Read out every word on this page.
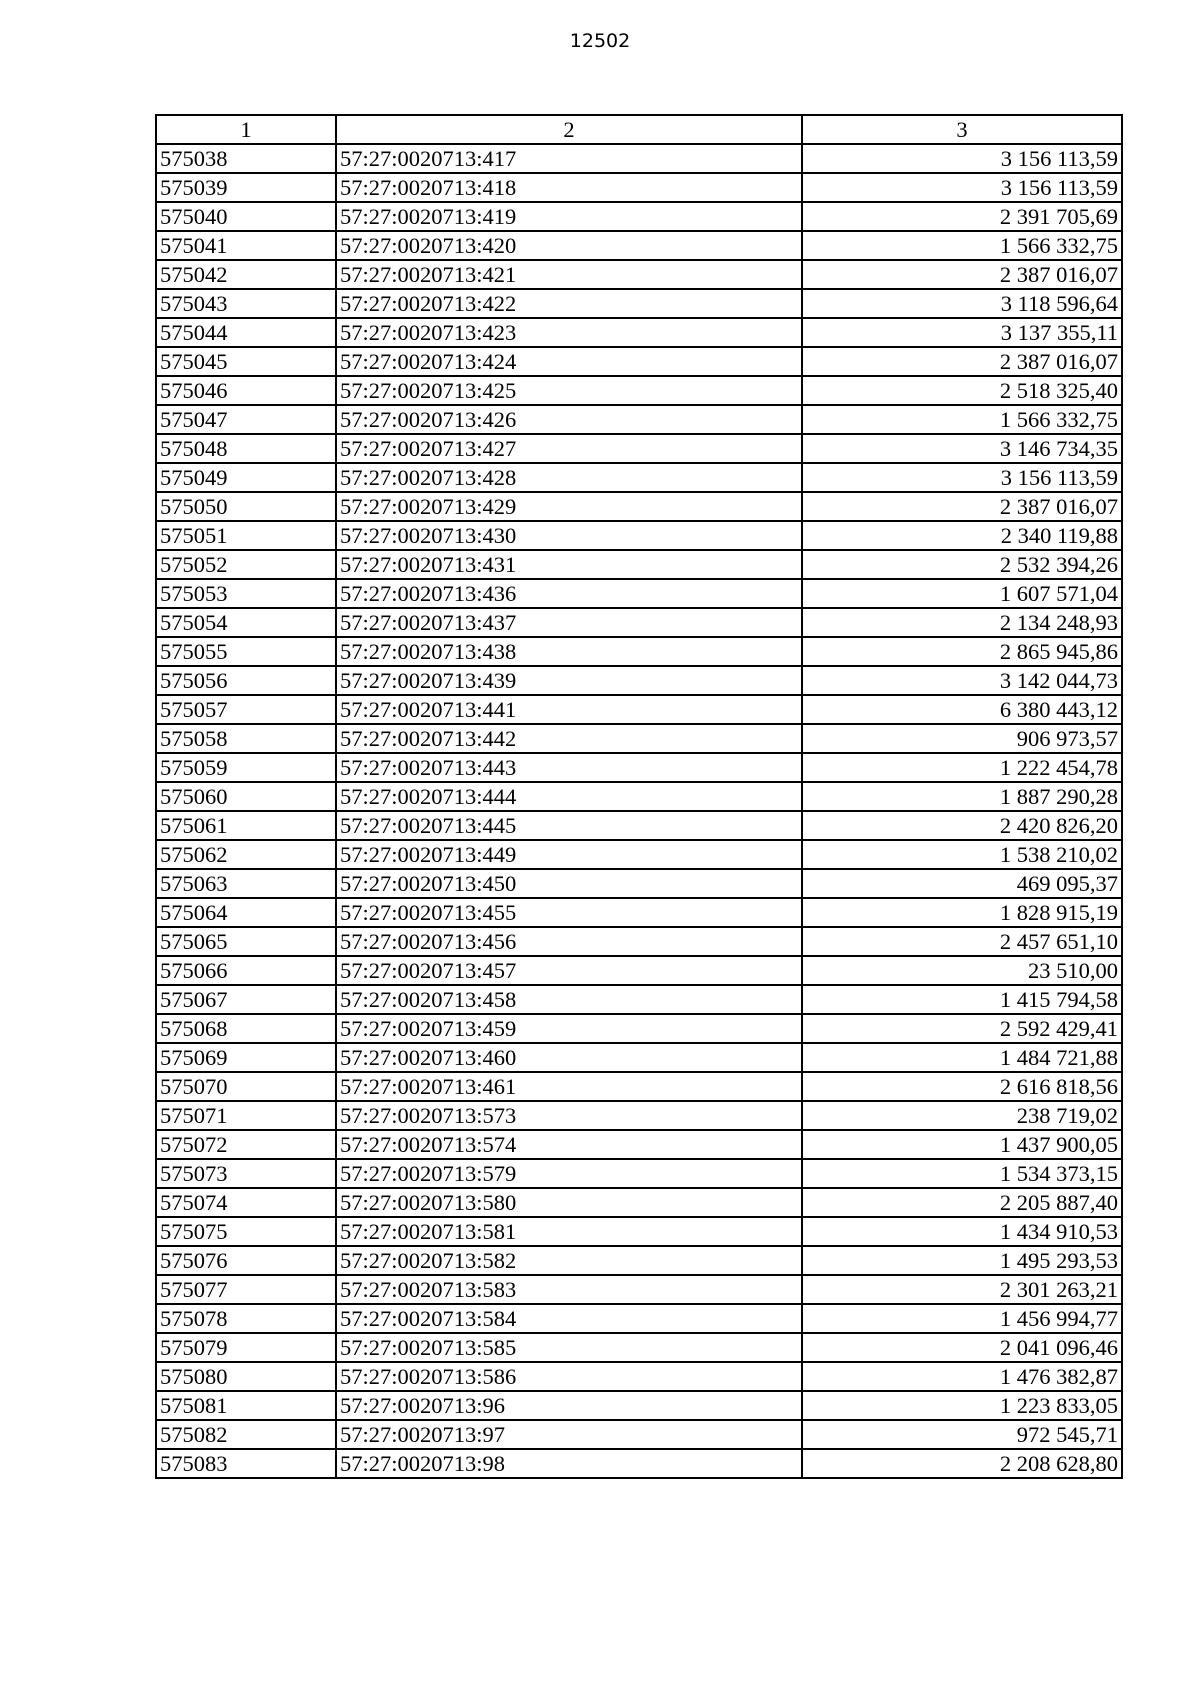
12502
1	2	3
575038	57:27:0020713:417	3 156 113,59
575039	57:27:0020713:418	3 156 113,59
575040	57:27:0020713:419	2 391 705,69
575041	57:27:0020713:420	1 566 332,75
575042	57:27:0020713:421	2 387 016,07
575043	57:27:0020713:422	3 118 596,64
575044	57:27:0020713:423	3 137 355,11
575045	57:27:0020713:424	2 387 016,07
575046	57:27:0020713:425	2 518 325,40
575047	57:27:0020713:426	1 566 332,75
575048	57:27:0020713:427	3 146 734,35
575049	57:27:0020713:428	3 156 113,59
575050	57:27:0020713:429	2 387 016,07
575051	57:27:0020713:430	2 340 119,88
575052	57:27:0020713:431	2 532 394,26
575053	57:27:0020713:436	1 607 571,04
575054	57:27:0020713:437	2 134 248,93
575055	57:27:0020713:438	2 865 945,86
575056	57:27:0020713:439	3 142 044,73
575057	57:27:0020713:441	6 380 443,12
575058	57:27:0020713:442	906 973,57
575059	57:27:0020713:443	1 222 454,78
575060	57:27:0020713:444	1 887 290,28
575061	57:27:0020713:445	2 420 826,20
575062	57:27:0020713:449	1 538 210,02
575063	57:27:0020713:450	469 095,37
575064	57:27:0020713:455	1 828 915,19
575065	57:27:0020713:456	2 457 651,10
575066	57:27:0020713:457	23 510,00
575067	57:27:0020713:458	1 415 794,58
575068	57:27:0020713:459	2 592 429,41
575069	57:27:0020713:460	1 484 721,88
575070	57:27:0020713:461	2 616 818,56
575071	57:27:0020713:573	238 719,02
575072	57:27:0020713:574	1 437 900,05
575073	57:27:0020713:579	1 534 373,15
575074	57:27:0020713:580	2 205 887,40
575075	57:27:0020713:581	1 434 910,53
575076	57:27:0020713:582	1 495 293,53
575077	57:27:0020713:583	2 301 263,21
575078	57:27:0020713:584	1 456 994,77
575079	57:27:0020713:585	2 041 096,46
575080	57:27:0020713:586	1 476 382,87
575081	57:27:0020713:96	1 223 833,05
575082	57:27:0020713:97	972 545,71
575083	57:27:0020713:98	2 208 628,80
